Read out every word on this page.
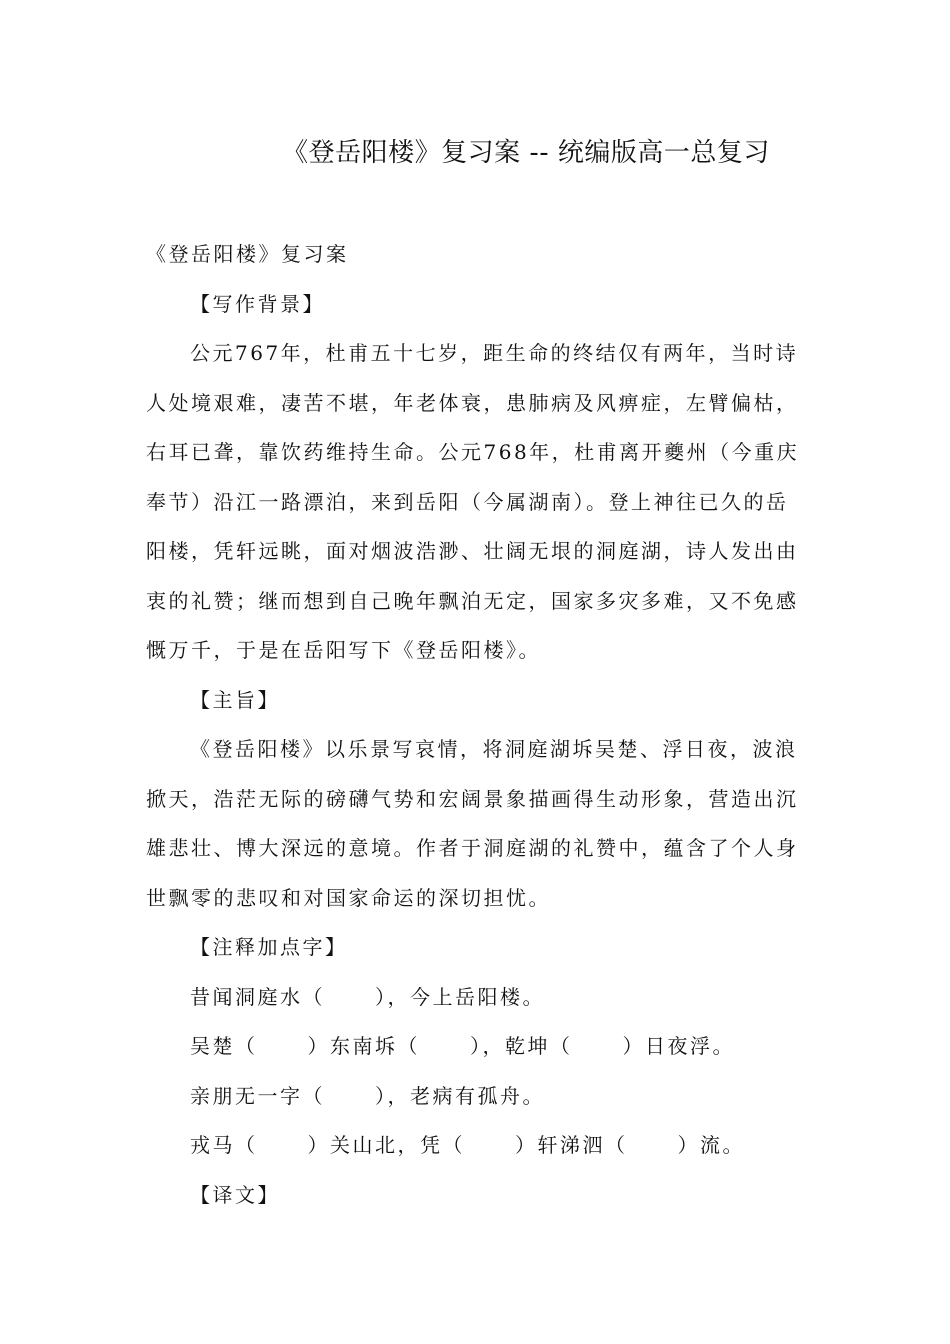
《登岳阳楼》复习案 -- 统编版高一总复习

《登岳阳楼》复习案

【写作背景】

公元767年，杜甫五十七岁，距生命的终结仅有两年，当时诗人处境艰难，凄苦不堪，年老体衰，患肺病及风痹症，左臂偏枯，右耳已聋，靠饮药维持生命。公元768年，杜甫离开夔州（今重庆奉节）沿江一路漂泊，来到岳阳（今属湖南）。登上神往已久的岳阳楼，凭轩远眺，面对烟波浩渺、壮阔无垠的洞庭湖，诗人发出由衷的礼赞；继而想到自己晚年飘泊无定，国家多灾多难，又不免感慨万千，于是在岳阳写下《登岳阳楼》。

【主旨】

《登岳阳楼》以乐景写哀情，将洞庭湖坼吴楚、浮日夜，波浪掀天，浩茫无际的磅礴气势和宏阔景象描画得生动形象，营造出沉雄悲壮、博大深远的意境。作者于洞庭湖的礼赞中，蕴含了个人身世飘零的悲叹和对国家命运的深切担忧。

【注释加点字】

昔闻洞庭水（	），今上岳阳楼。

吴楚（	）东南坼（	），乾坤（	）日夜浮。

亲朋无一字（	），老病有孤舟。

戎马（	）关山北，凭（	）轩涕泗（	）流。

【译文】
